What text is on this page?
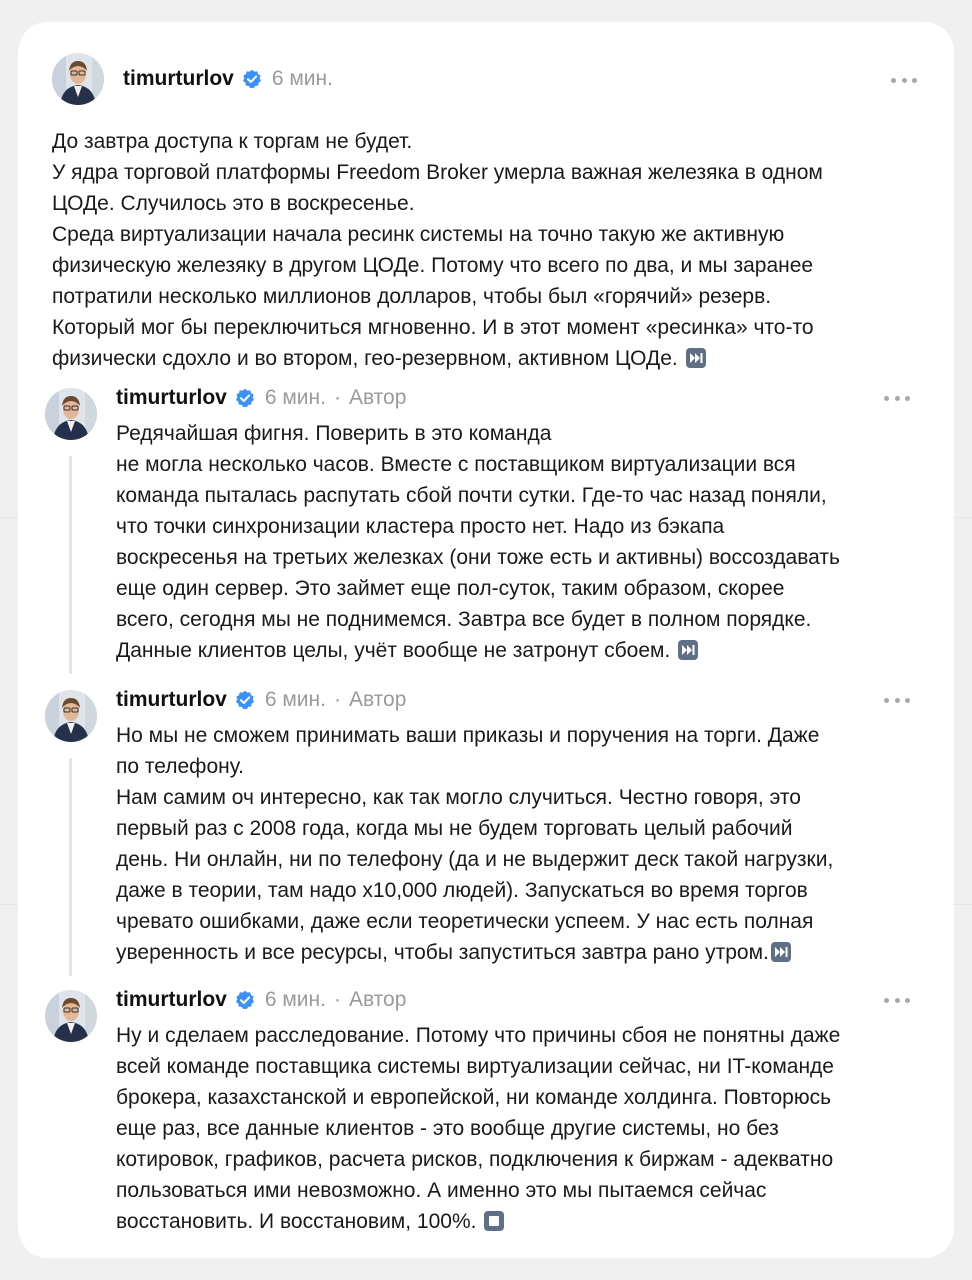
timurturlov 6 мин.
До завтра доступа к торгам не будет.
У ядра торговой платформы Freedom Broker умерла важная железяка в одном
ЦОДе. Случилось это в воскресенье.
Среда виртуализации начала ресинк системы на точно такую же активную
физическую железяку в другом ЦОДе. Потому что всего по два, и мы заранее
потратили несколько миллионов долларов, чтобы был «горячий» резерв.
Который мог бы переключиться мгновенно. И в этот момент «ресинка» что-то
физически сдохло и во втором, гео-резервном, активном ЦОДе.
timurturlov 6 мин. · Автор
Редячайшая фигня. Поверить в это команда
не могла несколько часов. Вместе с поставщиком виртуализации вся
команда пыталась распутать сбой почти сутки. Где-то час назад поняли,
что точки синхронизации кластера просто нет. Надо из бэкапа
воскресенья на третьих железках (они тоже есть и активны) воссоздавать
еще один сервер. Это займет еще пол-суток, таким образом, скорее
всего, сегодня мы не поднимемся. Завтра все будет в полном порядке.
Данные клиентов целы, учёт вообще не затронут сбоем.
timurturlov 6 мин. · Автор
Но мы не сможем принимать ваши приказы и поручения на торги. Даже
по телефону.
Нам самим оч интересно, как так могло случиться. Честно говоря, это
первый раз с 2008 года, когда мы не будем торговать целый рабочий
день. Ни онлайн, ни по телефону (да и не выдержит деск такой нагрузки,
даже в теории, там надо х10,000 людей). Запускаться во время торгов
чревато ошибками, даже если теоретически успеем. У нас есть полная
уверенность и все ресурсы, чтобы запуститься завтра рано утром.
timurturlov 6 мин. · Автор
Ну и сделаем расследование. Потому что причины сбоя не понятны даже
всей команде поставщика системы виртуализации сейчас, ни IT-команде
брокера, казахстанской и европейской, ни команде холдинга. Повторюсь
еще раз, все данные клиентов - это вообще другие системы, но без
котировок, графиков, расчета рисков, подключения к биржам - адекватно
пользоваться ими невозможно. А именно это мы пытаемся сейчас
восстановить. И восстановим, 100%.
